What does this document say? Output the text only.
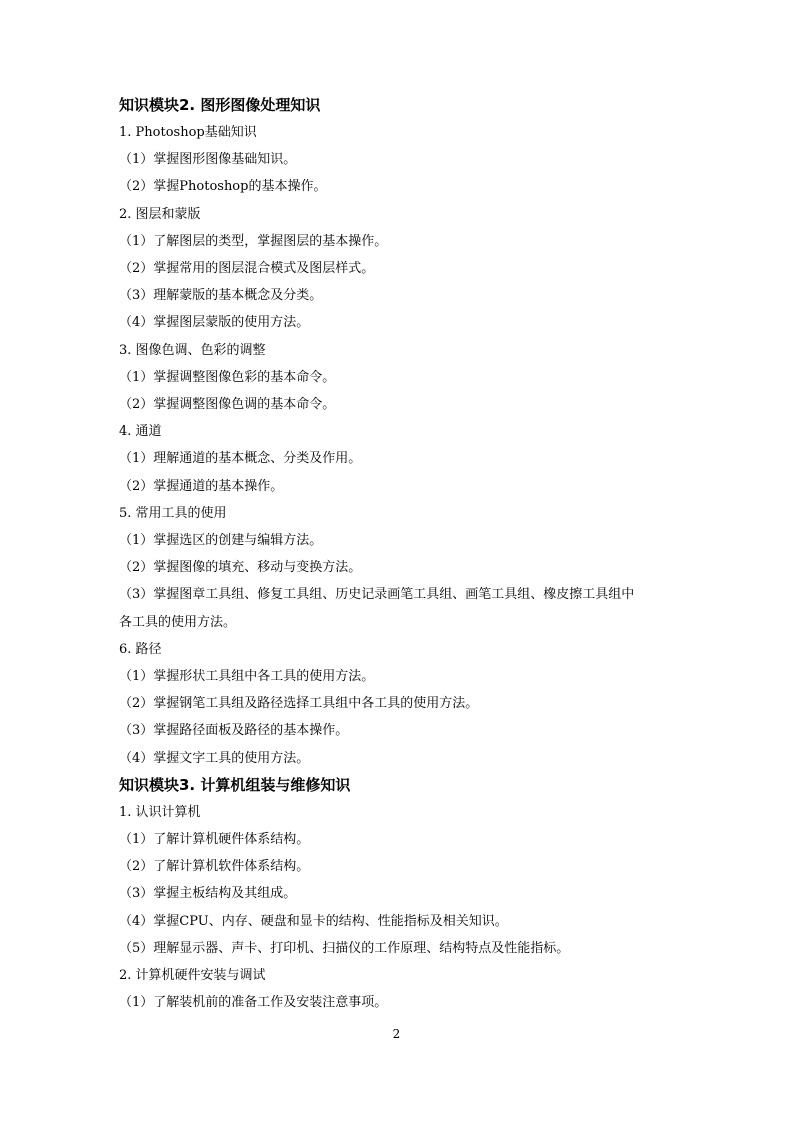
知识模块2. 图形图像处理知识
1. Photoshop基础知识
（1）掌握图形图像基础知识。
（2）掌握Photoshop的基本操作。
2. 图层和蒙版
（1）了解图层的类型，掌握图层的基本操作。
（2）掌握常用的图层混合模式及图层样式。
（3）理解蒙版的基本概念及分类。
（4）掌握图层蒙版的使用方法。
3. 图像色调、色彩的调整
（1）掌握调整图像色彩的基本命令。
（2）掌握调整图像色调的基本命令。
4. 通道
（1）理解通道的基本概念、分类及作用。
（2）掌握通道的基本操作。
5. 常用工具的使用
（1）掌握选区的创建与编辑方法。
（2）掌握图像的填充、移动与变换方法。
（3）掌握图章工具组、修复工具组、历史记录画笔工具组、画笔工具组、橡皮擦工具组中
各工具的使用方法。
6. 路径
（1）掌握形状工具组中各工具的使用方法。
（2）掌握钢笔工具组及路径选择工具组中各工具的使用方法。
（3）掌握路径面板及路径的基本操作。
（4）掌握文字工具的使用方法。
知识模块3. 计算机组装与维修知识
1. 认识计算机
（1）了解计算机硬件体系结构。
（2）了解计算机软件体系结构。
（3）掌握主板结构及其组成。
（4）掌握CPU、内存、硬盘和显卡的结构、性能指标及相关知识。
（5）理解显示器、声卡、打印机、扫描仪的工作原理、结构特点及性能指标。
2. 计算机硬件安装与调试
（1）了解装机前的准备工作及安装注意事项。
2
